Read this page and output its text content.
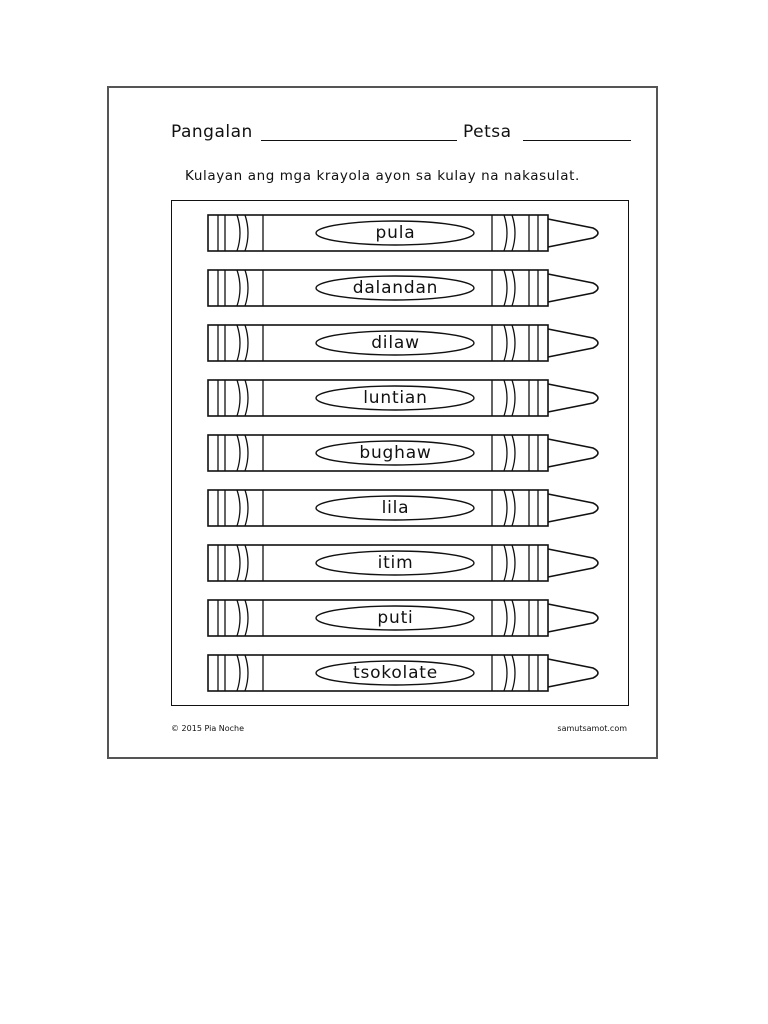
Pangalan	Petsa
Kulayan ang mga krayola ayon sa kulay na nakasulat.
pula
dalandan
dilaw
luntian
bughaw
lila
itim
puti
tsokolate
© 2015 Pia Noche	samutsamot.com
